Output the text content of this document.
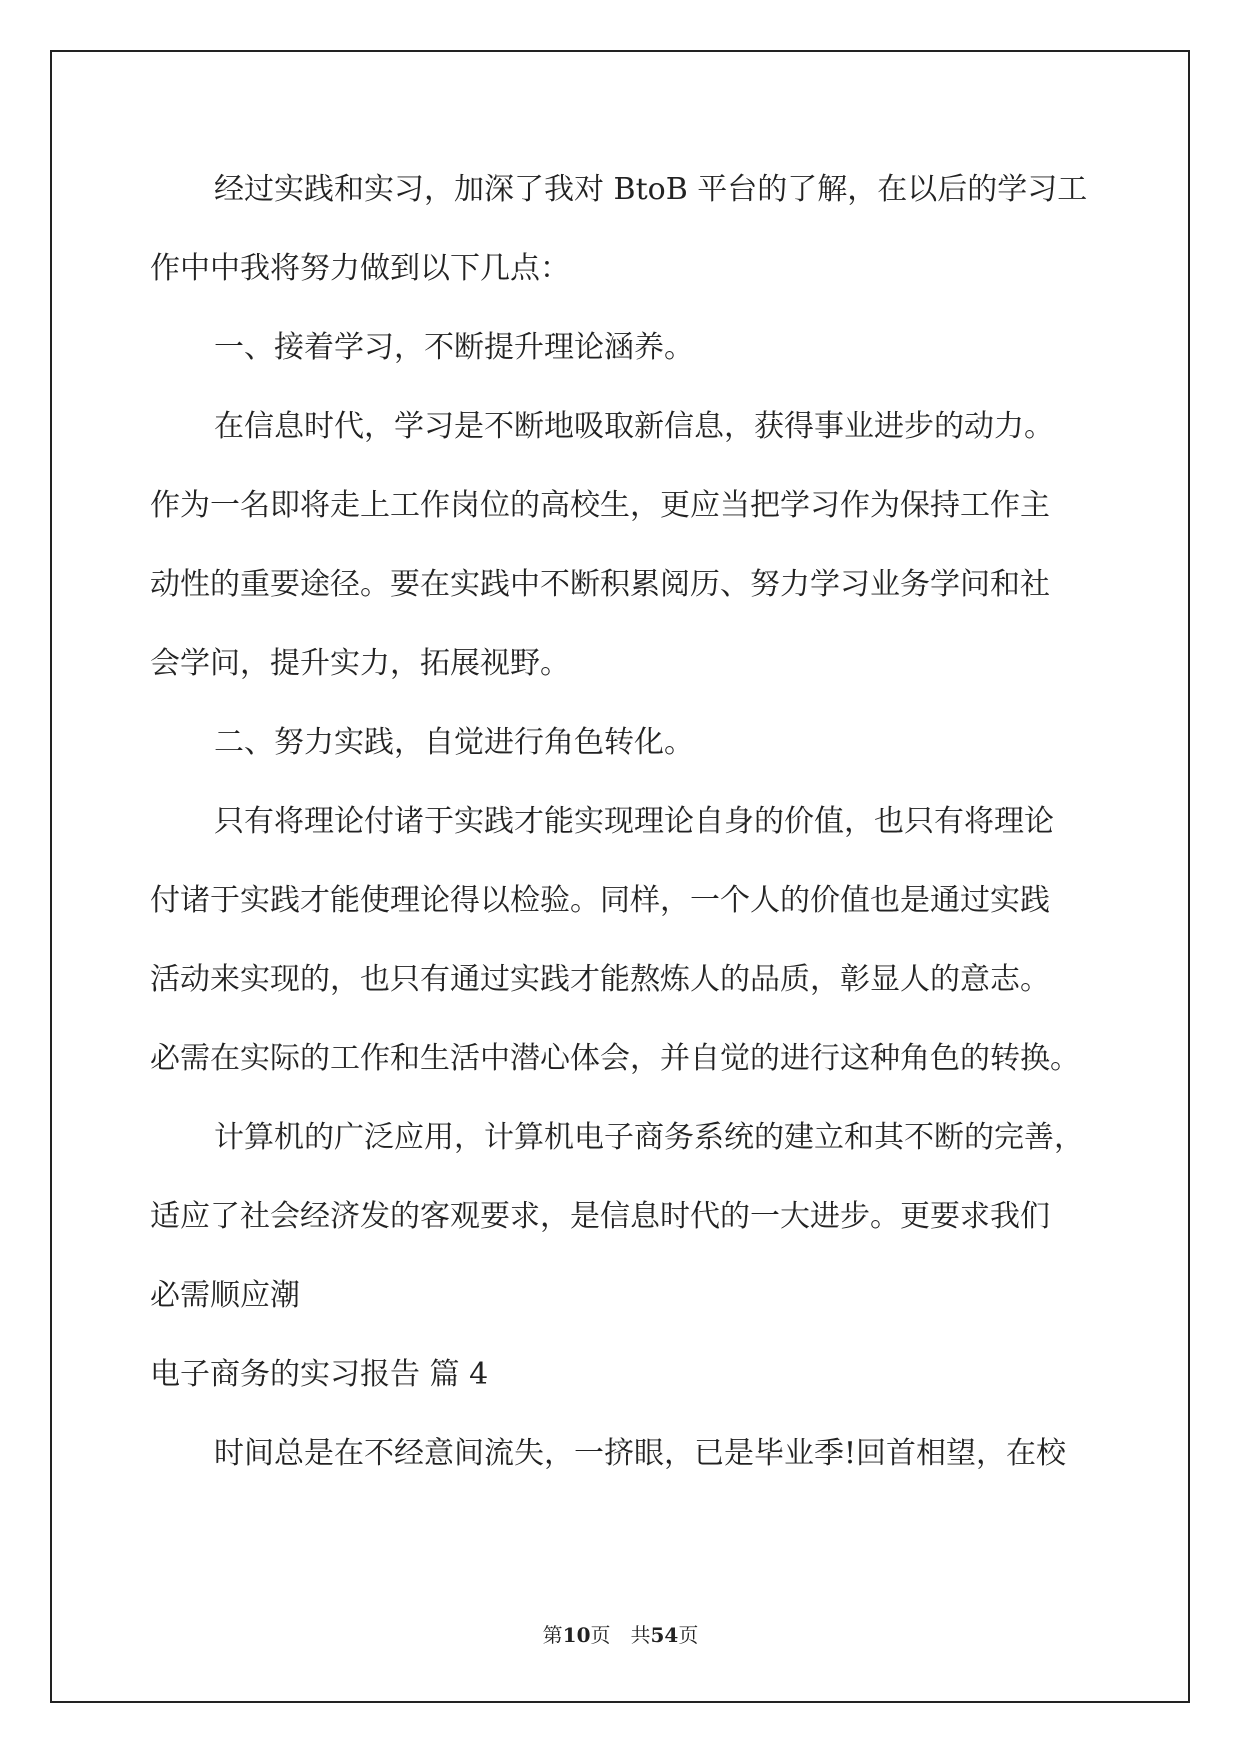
经过实践和实习，加深了我对 BtoB 平台的了解，在以后的学习工
作中中我将努力做到以下几点：
一、接着学习，不断提升理论涵养。
在信息时代，学习是不断地吸取新信息，获得事业进步的动力。
作为一名即将走上工作岗位的高校生，更应当把学习作为保持工作主
动性的重要途径。要在实践中不断积累阅历、努力学习业务学问和社
会学问，提升实力，拓展视野。
二、努力实践，自觉进行角色转化。
只有将理论付诸于实践才能实现理论自身的价值，也只有将理论
付诸于实践才能使理论得以检验。同样，一个人的价值也是通过实践
活动来实现的，也只有通过实践才能熬炼人的品质，彰显人的意志。
必需在实际的工作和生活中潜心体会，并自觉的进行这种角色的转换。
计算机的广泛应用，计算机电子商务系统的建立和其不断的完善，
适应了社会经济发的客观要求，是信息时代的一大进步。更要求我们
必需顺应潮
电子商务的实习报告 篇 4
时间总是在不经意间流失，一挤眼，已是毕业季!回首相望，在校
第10页　共54页
